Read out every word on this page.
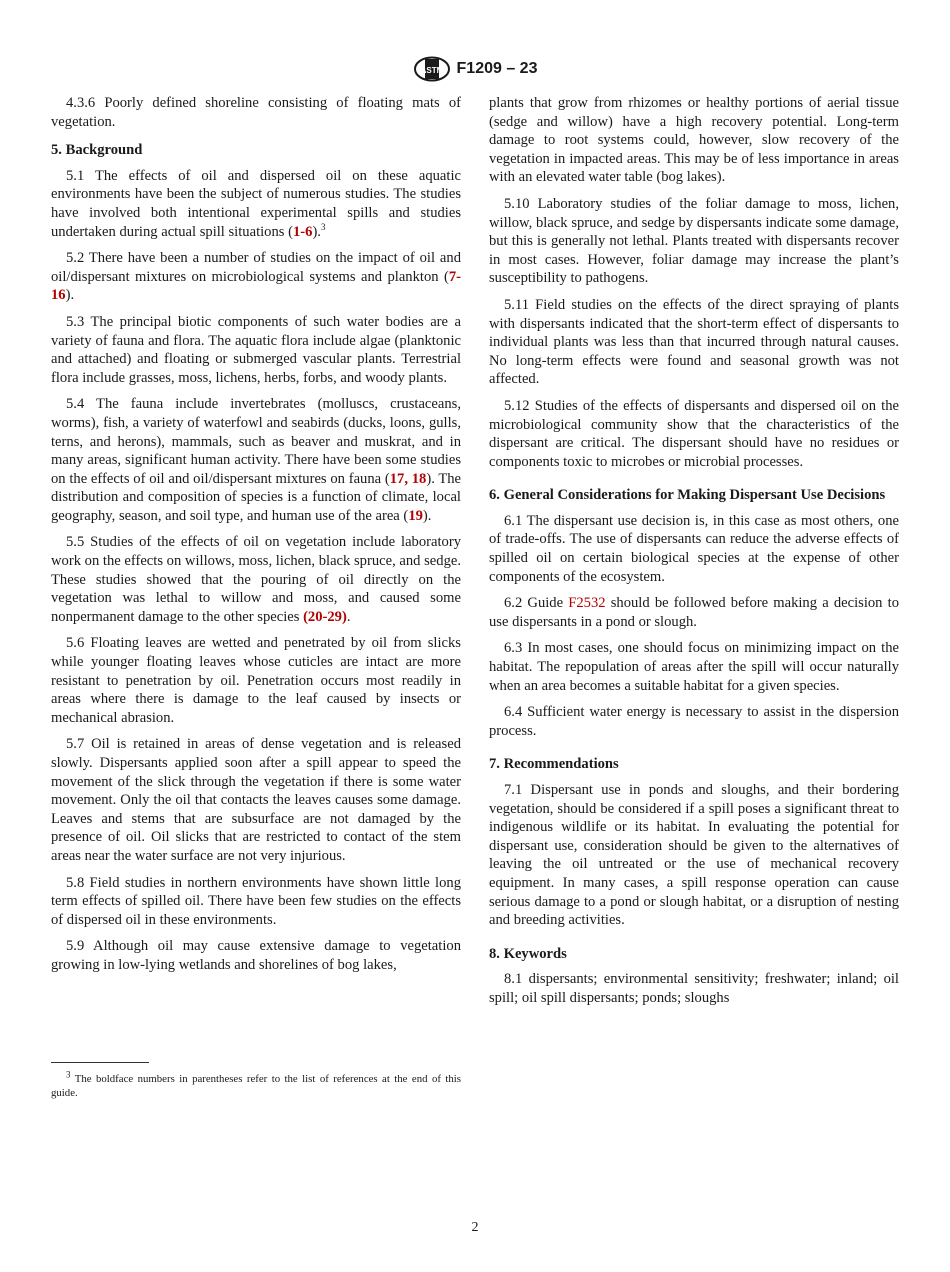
ASTM F1209 – 23

4.3.6 Poorly defined shoreline consisting of floating mats of vegetation.

5. Background

5.1 The effects of oil and dispersed oil on these aquatic environments have been the subject of numerous studies. The studies have involved both intentional experimental spills and studies undertaken during actual spill situations (1-6).$^3$

5.2 There have been a number of studies on the impact of oil and oil/dispersant mixtures on microbiological systems and plankton (7-16).

5.3 The principal biotic components of such water bodies are a variety of fauna and flora. The aquatic flora include algae (planktonic and attached) and floating or submerged vascular plants. Terrestrial flora include grasses, moss, lichens, herbs, forbs, and woody plants.

5.4 The fauna include invertebrates (molluscs, crustaceans, worms), fish, a variety of waterfowl and seabirds (ducks, loons, gulls, terns, and herons), mammals, such as beaver and muskrat, and in many areas, significant human activity. There have been some studies on the effects of oil and oil/dispersant mixtures on fauna (17, 18). The distribution and composition of species is a function of climate, local geography, season, and soil type, and human use of the area (19).

5.5 Studies of the effects of oil on vegetation include laboratory work on the effects on willows, moss, lichen, black spruce, and sedge. These studies showed that the pouring of oil directly on the vegetation was lethal to willow and moss, and caused some nonpermanent damage to the other species (20-29).

5.6 Floating leaves are wetted and penetrated by oil from slicks while younger floating leaves whose cuticles are intact are more resistant to penetration by oil. Penetration occurs most readily in areas where there is damage to the leaf caused by insects or mechanical abrasion.

5.7 Oil is retained in areas of dense vegetation and is released slowly. Dispersants applied soon after a spill appear to speed the movement of the slick through the vegetation if there is some water movement. Only the oil that contacts the leaves causes some damage. Leaves and stems that are subsurface are not damaged by the presence of oil. Oil slicks that are restricted to contact of the stem areas near the water surface are not very injurious.

5.8 Field studies in northern environments have shown little long term effects of spilled oil. There have been few studies on the effects of dispersed oil in these environments.

5.9 Although oil may cause extensive damage to vegetation growing in low-lying wetlands and shorelines of bog lakes,

$^3$ The boldface numbers in parentheses refer to the list of references at the end of this guide.

plants that grow from rhizomes or healthy portions of aerial tissue (sedge and willow) have a high recovery potential. Long-term damage to root systems could, however, slow recovery of the vegetation in impacted areas. This may be of less importance in areas with an elevated water table (bog lakes).

5.10 Laboratory studies of the foliar damage to moss, lichen, willow, black spruce, and sedge by dispersants indicate some damage, but this is generally not lethal. Plants treated with dispersants recover in most cases. However, foliar damage may increase the plant’s susceptibility to pathogens.

5.11 Field studies on the effects of the direct spraying of plants with dispersants indicated that the short-term effect of dispersants to individual plants was less than that incurred through natural causes. No long-term effects were found and seasonal growth was not affected.

5.12 Studies of the effects of dispersants and dispersed oil on the microbiological community show that the characteristics of the dispersant are critical. The dispersant should have no residues or components toxic to microbes or microbial processes.

6. General Considerations for Making Dispersant Use Decisions

6.1 The dispersant use decision is, in this case as most others, one of trade-offs. The use of dispersants can reduce the adverse effects of spilled oil on certain biological species at the expense of other components of the ecosystem.

6.2 Guide F2532 should be followed before making a decision to use dispersants in a pond or slough.

6.3 In most cases, one should focus on minimizing impact on the habitat. The repopulation of areas after the spill will occur naturally when an area becomes a suitable habitat for a given species.

6.4 Sufficient water energy is necessary to assist in the dispersion process.

7. Recommendations

7.1 Dispersant use in ponds and sloughs, and their bordering vegetation, should be considered if a spill poses a significant threat to indigenous wildlife or its habitat. In evaluating the potential for dispersant use, consideration should be given to the alternatives of leaving the oil untreated or the use of mechanical recovery equipment. In many cases, a spill response operation can cause serious damage to a pond or slough habitat, or a disruption of nesting and breeding activities.

8. Keywords

8.1 dispersants; environmental sensitivity; freshwater; inland; oil spill; oil spill dispersants; ponds; sloughs

2
